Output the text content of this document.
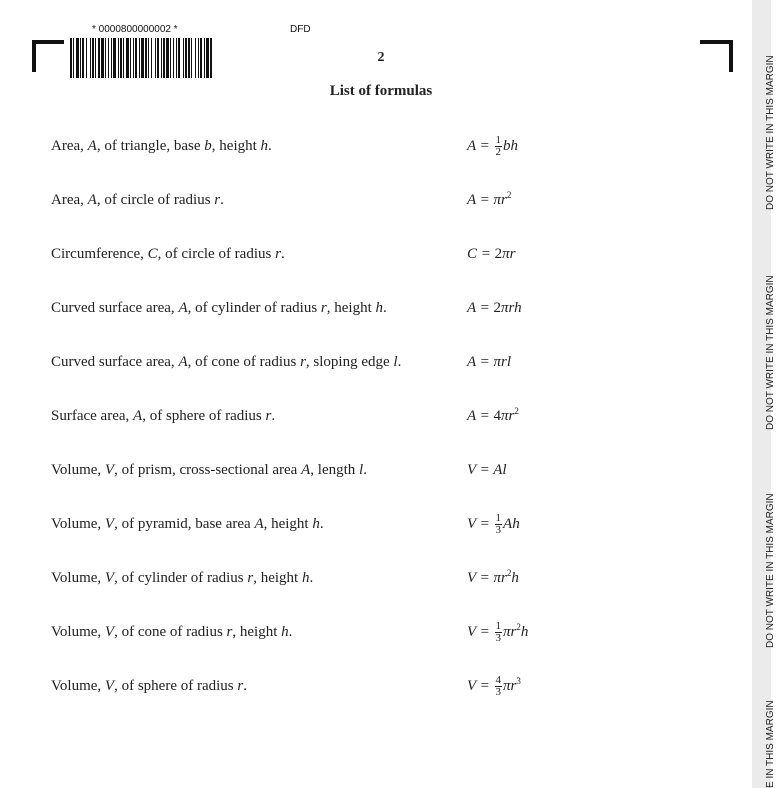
* 0000800000002 *	DFD
2
List of formulas
Area, A, of triangle, base b, height h.	$A = \frac{1}{2}$ bh
Area, A, of circle of radius r.	$A = \pi r^2$
Circumference, C, of circle of radius r.	C = 2πr
Curved surface area, A, of cylinder of radius r, height h.	A = 2πrh
Curved surface area, A, of cone of radius r, sloping edge l.	A = πrl
Surface area, A, of sphere of radius r.	$A = 4\pi r^2$
Volume, V, of prism, cross-sectional area A, length l.	V = Al
Volume, V, of pyramid, base area A, height h.	$V = \frac{1}{3}$ Ah
Volume, V, of cylinder of radius r, height h.	$V = \pi r^2h$
Volume, V, of cone of radius r, height h.	$V = \frac{1}{3} \pi r^2h$
Volume, V, of sphere of radius r.	$V = \frac{4}{3} \pi r^3$
DO NOT WRITE IN THIS MARGIN
DO NOT WRITE IN THIS MARGIN
DO NOT WRITE IN THIS MARGIN
E IN THIS MARGIN
